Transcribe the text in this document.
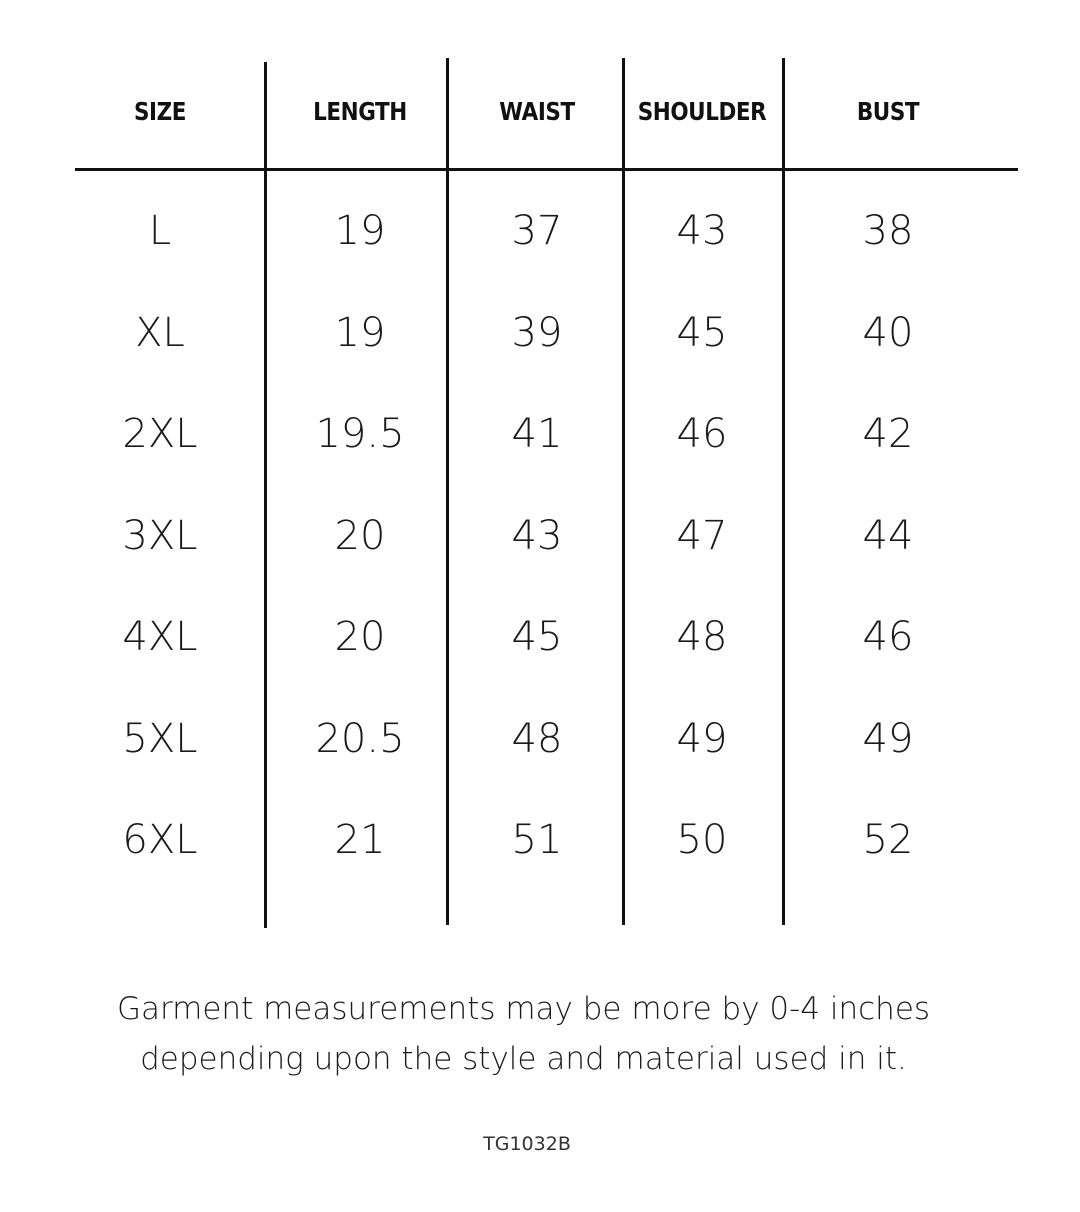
SIZE	LENGTH	WAIST	SHOULDER	BUST
L	19	37	43	38
XL	19	39	45	40
2XL	19.5	41	46	42
3XL	20	43	47	44
4XL	20	45	48	46
5XL	20.5	48	49	49
6XL	21	51	50	52
Garment measurements may be more by 0-4 inches
depending upon the style and material used in it.
TG1032B
